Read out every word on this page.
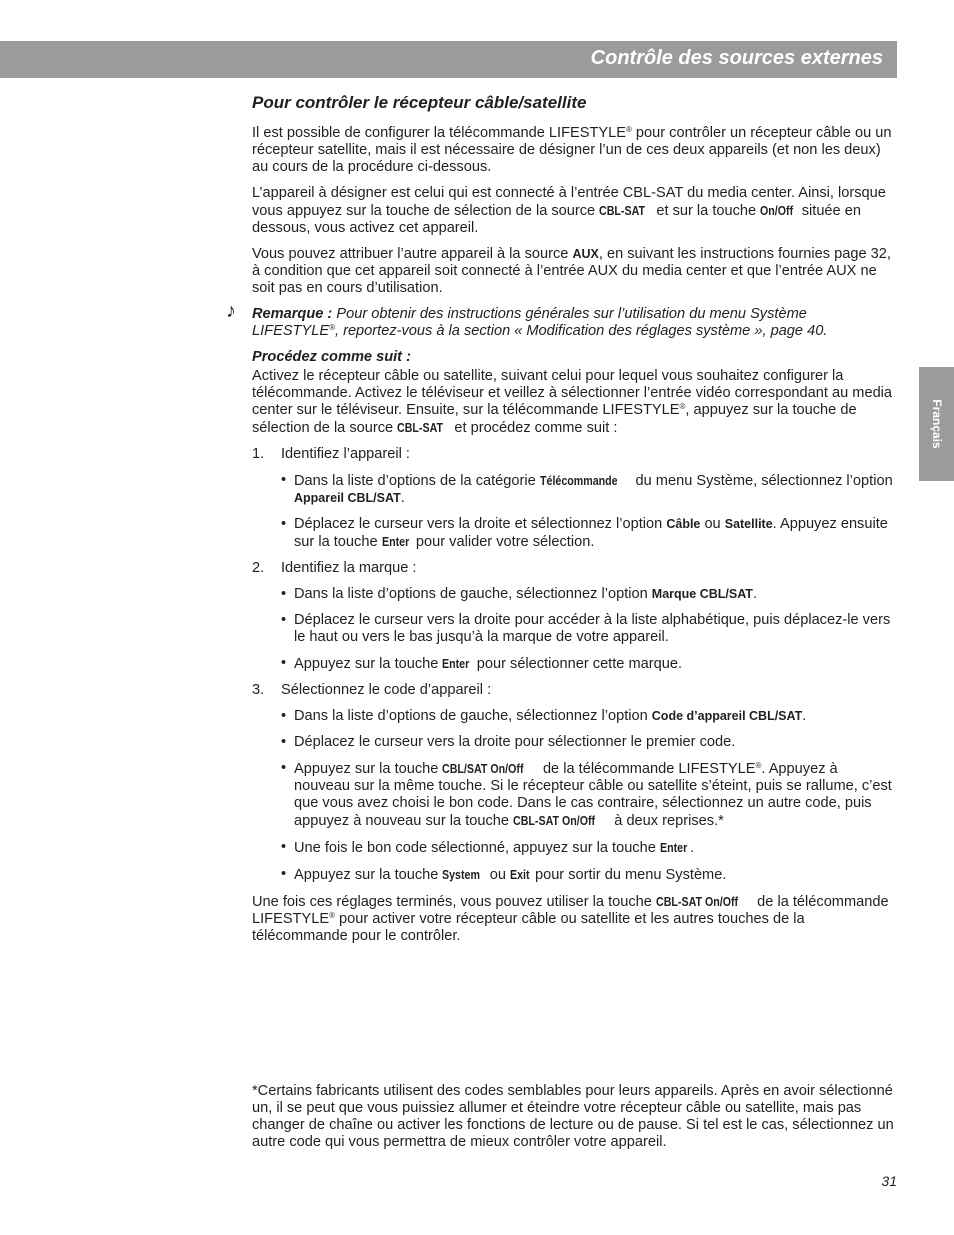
Contrôle des sources externes
Français
Pour contrôler le récepteur câble/satellite

Il est possible de configurer la télécommande LIFESTYLE® pour contrôler un récepteur câble ou un récepteur satellite, mais il est nécessaire de désigner l’un de ces deux appareils (et non les deux) au cours de la procédure ci-dessous.

L’appareil à désigner est celui qui est connecté à l’entrée CBL-SAT du media center. Ainsi, lorsque vous appuyez sur la touche de sélection de la source CBL-SAT et sur la touche On/Off située en dessous, vous activez cet appareil.

Vous pouvez attribuer l’autre appareil à la source AUX, en suivant les instructions fournies page 32, à condition que cet appareil soit connecté à l’entrée AUX du media center et que l’entrée AUX ne soit pas en cours d’utilisation.

♪ Remarque : Pour obtenir des instructions générales sur l’utilisation du menu Système LIFESTYLE®, reportez-vous à la section « Modification des réglages système », page 40.

Procédez comme suit :

Activez le récepteur câble ou satellite, suivant celui pour lequel vous souhaitez configurer la télécommande. Activez le téléviseur et veillez à sélectionner l’entrée vidéo correspondant au media center sur le téléviseur. Ensuite, sur la télécommande LIFESTYLE®, appuyez sur la touche de sélection de la source CBL-SAT et procédez comme suit :

1.	Identifiez l’appareil :
• Dans la liste d’options de la catégorie Télécommande du menu Système, sélectionnez l’option Appareil CBL/SAT.
• Déplacez le curseur vers la droite et sélectionnez l’option Câble ou Satellite. Appuyez ensuite sur la touche Enter pour valider votre sélection.
2.	Identifiez la marque :
• Dans la liste d’options de gauche, sélectionnez l’option Marque CBL/SAT.
• Déplacez le curseur vers la droite pour accéder à la liste alphabétique, puis déplacez-le vers le haut ou vers le bas jusqu’à la marque de votre appareil.
• Appuyez sur la touche Enter pour sélectionner cette marque.
3.	Sélectionnez le code d’appareil :
• Dans la liste d’options de gauche, sélectionnez l’option Code d’appareil CBL/SAT.
• Déplacez le curseur vers la droite pour sélectionner le premier code.
• Appuyez sur la touche CBL/SAT On/Off de la télécommande LIFESTYLE®. Appuyez à nouveau sur la même touche. Si le récepteur câble ou satellite s’éteint, puis se rallume, c’est que vous avez choisi le bon code. Dans le cas contraire, sélectionnez un autre code, puis appuyez à nouveau sur la touche CBL-SAT On/Off à deux reprises.*
• Une fois le bon code sélectionné, appuyez sur la touche Enter .
• Appuyez sur la touche System ou Exit pour sortir du menu Système.

Une fois ces réglages terminés, vous pouvez utiliser la touche CBL-SAT On/Off de la télécommande LIFESTYLE® pour activer votre récepteur câble ou satellite et les autres touches de la télécommande pour le contrôler.

*Certains fabricants utilisent des codes semblables pour leurs appareils. Après en avoir sélectionné un, il se peut que vous puissiez allumer et éteindre votre récepteur câble ou satellite, mais pas changer de chaîne ou activer les fonctions de lecture ou de pause. Si tel est le cas, sélectionnez un autre code qui vous permettra de mieux contrôler votre appareil.
31
